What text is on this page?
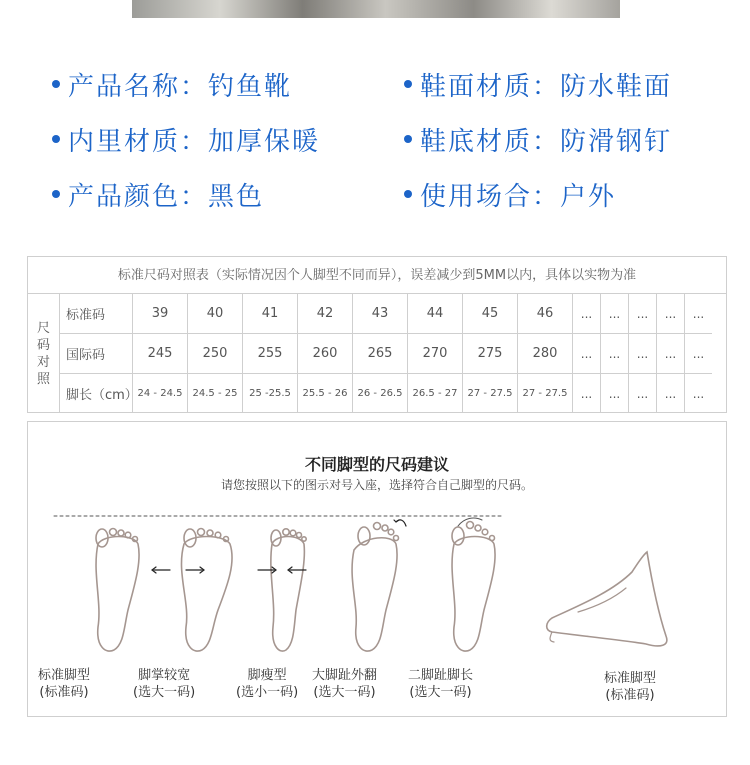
产品名称：钓鱼靴	鞋面材质：防水鞋面
内里材质：加厚保暖	鞋底材质：防滑钢钉
产品颜色：黑色	使用场合：户外
标准尺码对照表（实际情况因个人脚型不同而异），误差减少到5MM以内，具体以实物为准
尺
码
对
照
标准码	39	40	41	42	43	44	45	46	...	...	...	...	...
国际码	245	250	255	260	265	270	275	280	...	...	...	...	...
脚长（cm） 24 - 24.5	24.5 - 25	25 -25.5	25.5 - 26	26 - 26.5	26.5 - 27	27 - 27.5	27 - 27.5	...	...	...	...	...
不同脚型的尺码建议
请您按照以下的图示对号入座，选择符合自己脚型的尺码。
标准脚型
(标准码)
脚掌较宽
(选大一码)
脚瘦型
(选小一码)
大脚趾外翻
(选大一码)
二脚趾脚长
(选大一码)
标准脚型
(标准码)
